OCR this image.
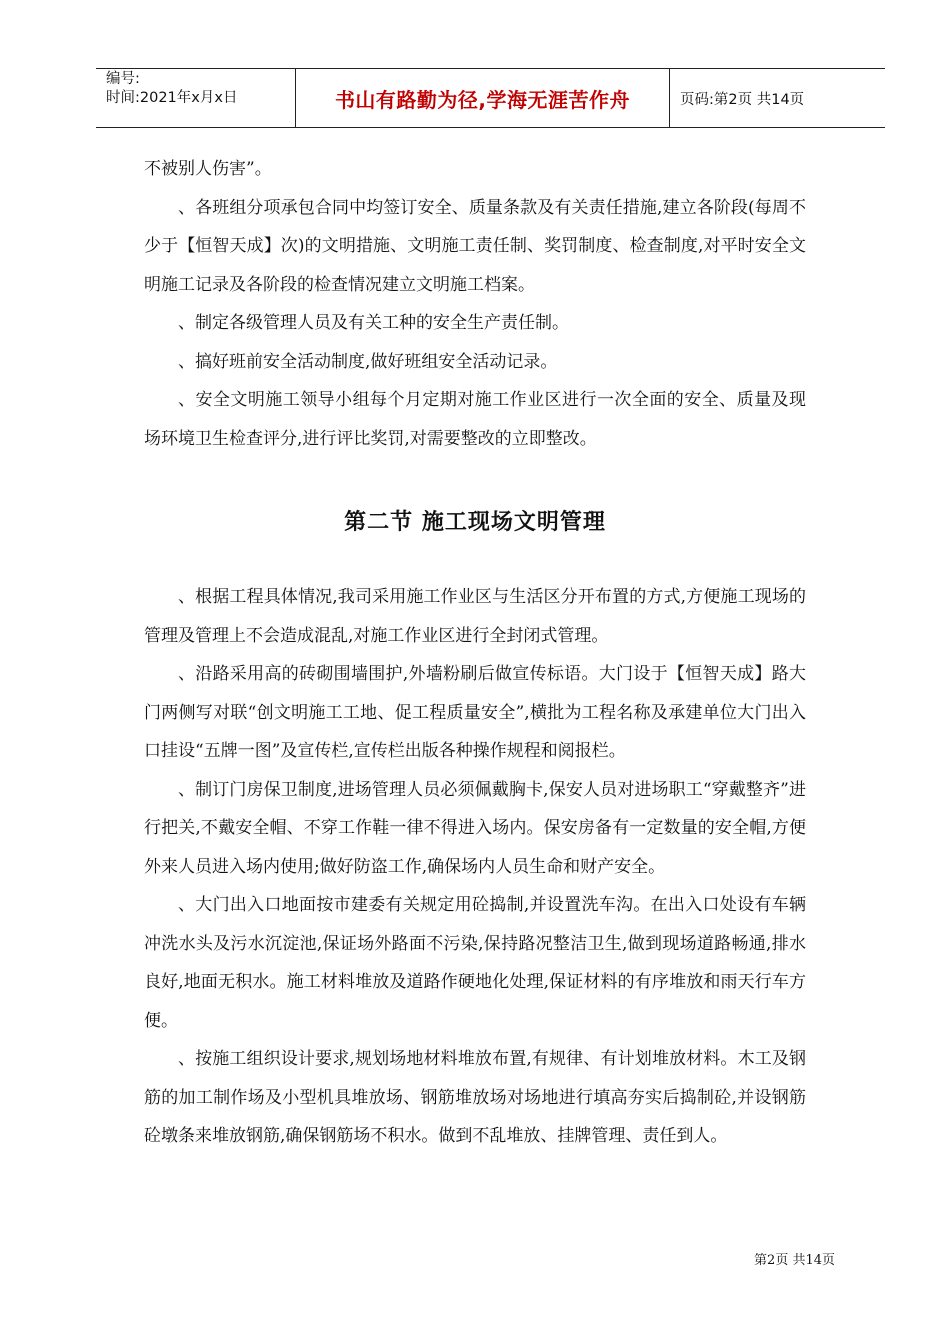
编号:
时间:2021年x月x日	书山有路勤为径,学海无涯苦作舟	页码:第2页 共14页

不被别人伤害”。

、各班组分项承包合同中均签订安全、质量条款及有关责任措施,建立各阶段(每周不少于【恒智天成】次)的文明措施、文明施工责任制、奖罚制度、检查制度,对平时安全文明施工记录及各阶段的检查情况建立文明施工档案。

、制定各级管理人员及有关工种的安全生产责任制。

、搞好班前安全活动制度,做好班组安全活动记录。

、安全文明施工领导小组每个月定期对施工作业区进行一次全面的安全、质量及现场环境卫生检查评分,进行评比奖罚,对需要整改的立即整改。

第二节 施工现场文明管理

、根据工程具体情况,我司采用施工作业区与生活区分开布置的方式,方便施工现场的管理及管理上不会造成混乱,对施工作业区进行全封闭式管理。

、沿路采用高的砖砌围墙围护,外墙粉刷后做宣传标语。大门设于【恒智天成】路大门两侧写对联“创文明施工工地、促工程质量安全”,横批为工程名称及承建单位大门出入口挂设“五牌一图”及宣传栏,宣传栏出版各种操作规程和阅报栏。

、制订门房保卫制度,进场管理人员必须佩戴胸卡,保安人员对进场职工“穿戴整齐”进行把关,不戴安全帽、不穿工作鞋一律不得进入场内。保安房备有一定数量的安全帽,方便外来人员进入场内使用;做好防盗工作,确保场内人员生命和财产安全。

、大门出入口地面按市建委有关规定用砼捣制,并设置洗车沟。在出入口处设有车辆冲洗水头及污水沉淀池,保证场外路面不污染,保持路况整洁卫生,做到现场道路畅通,排水良好,地面无积水。施工材料堆放及道路作硬地化处理,保证材料的有序堆放和雨天行车方便。

、按施工组织设计要求,规划场地材料堆放布置,有规律、有计划堆放材料。木工及钢筋的加工制作场及小型机具堆放场、钢筋堆放场对场地进行填高夯实后捣制砼,并设钢筋砼墩条来堆放钢筋,确保钢筋场不积水。做到不乱堆放、挂牌管理、责任到人。

第2页 共14页
